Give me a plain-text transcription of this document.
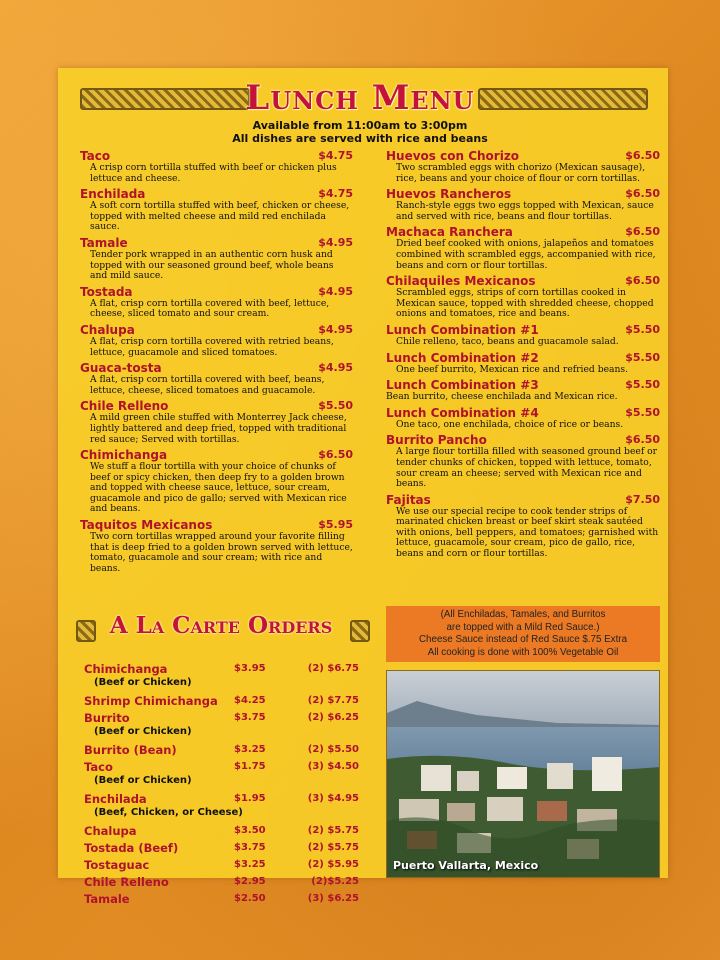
Lunch Menu
Available from 11:00am to 3:00pm
All dishes are served with rice and beans
Taco	$4.75
A crisp corn tortilla stuffed with beef or chicken plus lettuce and cheese.
Enchilada	$4.75
A soft corn tortilla stuffed with beef, chicken or cheese, topped with melted cheese and mild red enchilada sauce.
Tamale	$4.95
Tender pork wrapped in an authentic corn husk and topped with our seasoned ground beef, whole beans and mild sauce.
Tostada	$4.95
A flat, crisp corn tortilla covered with beef, lettuce, cheese, sliced tomato and sour cream.
Chalupa	$4.95
A flat, crisp corn tortilla covered with retried beans, lettuce, guacamole and sliced tomatoes.
Guaca-tosta	$4.95
A flat, crisp corn tortilla covered with beef, beans, lettuce, cheese, sliced tomatoes and guacamole.
Chile Relleno	$5.50
A mild green chile stuffed with Monterrey Jack cheese, lightly battered and deep fried, topped with traditional red sauce; Served with tortillas.
Chimichanga	$6.50
We stuff a flour tortilla with your choice of chunks of beef or spicy chicken, then deep fry to a golden brown and topped with cheese sauce, lettuce, sour cream, guacamole and pico de gallo; served with Mexican rice and beans.
Taquitos Mexicanos	$5.95
Two corn tortillas wrapped around your favorite filling that is deep fried to a golden brown served with lettuce, tomato, guacamole and sour cream; with rice and beans.
Huevos con Chorizo	$6.50
Two scrambled eggs with chorizo (Mexican sausage), rice, beans and your choice of flour or corn tortillas.
Huevos Rancheros	$6.50
Ranch-style eggs two eggs topped with Mexican, sauce and served with rice, beans and flour tortillas.
Machaca Ranchera	$6.50
Dried beef cooked with onions, jalapeños and tomatoes combined with scrambled eggs, accompanied with rice, beans and corn or flour tortillas.
Chilaquiles Mexicanos	$6.50
Scrambled eggs, strips of corn tortillas cooked in Mexican sauce, topped with shredded cheese, chopped onions and tomatoes, rice and beans.
Lunch Combination #1	$5.50
Chile relleno, taco, beans and guacamole salad.
Lunch Combination #2	$5.50
One beef burrito, Mexican rice and refried beans.
Lunch Combination #3	$5.50
Bean burrito, cheese enchilada and Mexican rice.
Lunch Combination #4	$5.50
One taco, one enchilada, choice of rice or beans.
Burrito Pancho	$6.50
A large flour tortilla filled with seasoned ground beef or tender chunks of chicken, topped with lettuce, tomato, sour cream an cheese; served with Mexican rice and beans.
Fajitas	$7.50
We use our special recipe to cook tender strips of marinated chicken breast or beef skirt steak sautéed with onions, bell peppers, and tomatoes; garnished with lettuce, guacamole, sour cream, pico de gallo, rice, beans and corn or flour tortillas.
A La Carte Orders
Chimichanga	$3.95	(2) $6.75
(Beef or Chicken)
Shrimp Chimichanga	$4.25	(2) $7.75
Burrito	$3.75	(2) $6.25
(Beef or Chicken)
Burrito (Bean)	$3.25	(2) $5.50
Taco	$1.75	(3) $4.50
(Beef or Chicken)
Enchilada	$1.95	(3) $4.95
(Beef, Chicken, or Cheese)
Chalupa	$3.50	(2) $5.75
Tostada (Beef)	$3.75	(2) $5.75
Tostaguac	$3.25	(2) $5.95
Chile Relleno	$2.95	(2)$5.25
Tamale	$2.50	(3) $6.25
(All Enchiladas, Tamales, and Burritos
are topped with a Mild Red Sauce.)
Cheese Sauce instead of Red Sauce $.75 Extra
All cooking is done with 100% Vegetable Oil
Puerto Vallarta, Mexico
